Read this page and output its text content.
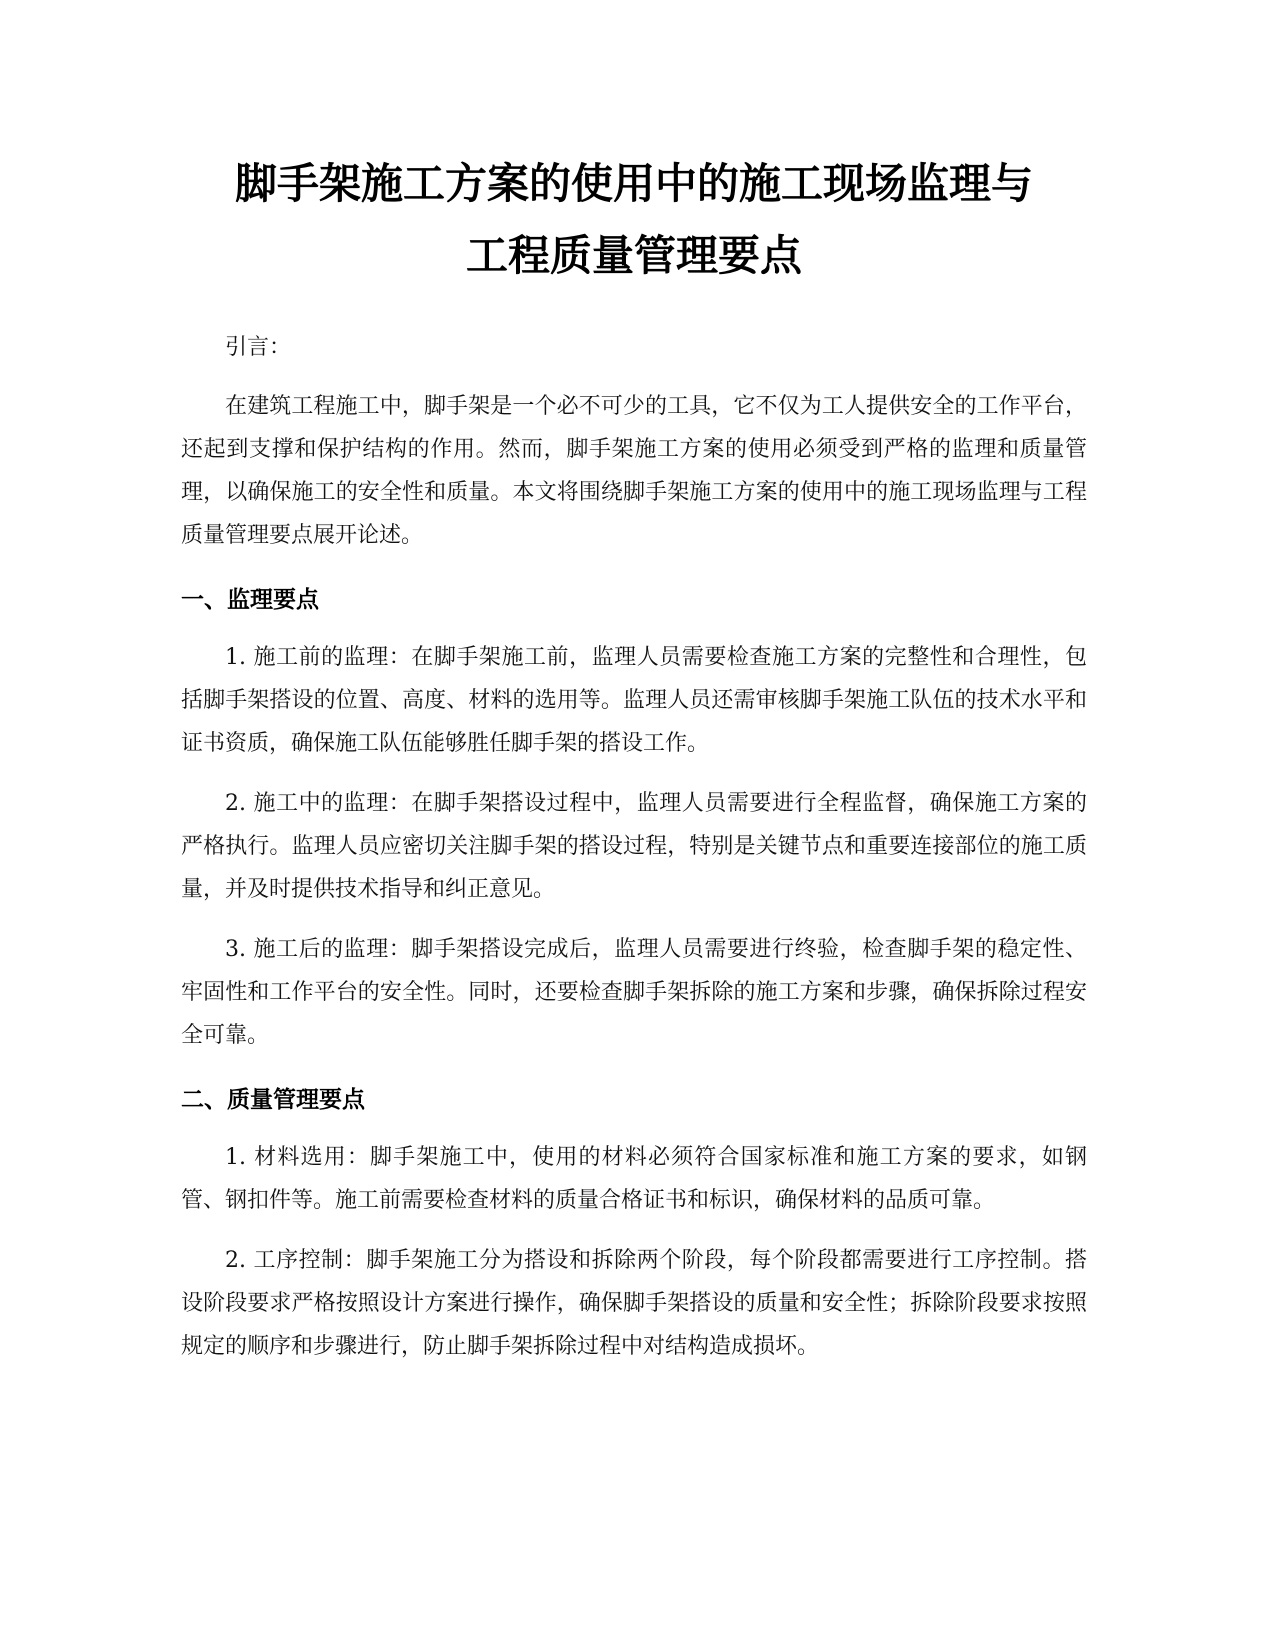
脚手架施工方案的使用中的施工现场监理与
工程质量管理要点

引言：

在建筑工程施工中，脚手架是一个必不可少的工具，它不仅为工人提供安全的工作平台，还起到支撑和保护结构的作用。然而，脚手架施工方案的使用必须受到严格的监理和质量管理，以确保施工的安全性和质量。本文将围绕脚手架施工方案的使用中的施工现场监理与工程质量管理要点展开论述。

一、监理要点

1. 施工前的监理：在脚手架施工前，监理人员需要检查施工方案的完整性和合理性，包括脚手架搭设的位置、高度、材料的选用等。监理人员还需审核脚手架施工队伍的技术水平和证书资质，确保施工队伍能够胜任脚手架的搭设工作。

2. 施工中的监理：在脚手架搭设过程中，监理人员需要进行全程监督，确保施工方案的严格执行。监理人员应密切关注脚手架的搭设过程，特别是关键节点和重要连接部位的施工质量，并及时提供技术指导和纠正意见。

3. 施工后的监理：脚手架搭设完成后，监理人员需要进行终验，检查脚手架的稳定性、牢固性和工作平台的安全性。同时，还要检查脚手架拆除的施工方案和步骤，确保拆除过程安全可靠。

二、质量管理要点

1. 材料选用：脚手架施工中，使用的材料必须符合国家标准和施工方案的要求，如钢管、钢扣件等。施工前需要检查材料的质量合格证书和标识，确保材料的品质可靠。

2. 工序控制：脚手架施工分为搭设和拆除两个阶段，每个阶段都需要进行工序控制。搭设阶段要求严格按照设计方案进行操作，确保脚手架搭设的质量和安全性；拆除阶段要求按照规定的顺序和步骤进行，防止脚手架拆除过程中对结构造成损坏。
